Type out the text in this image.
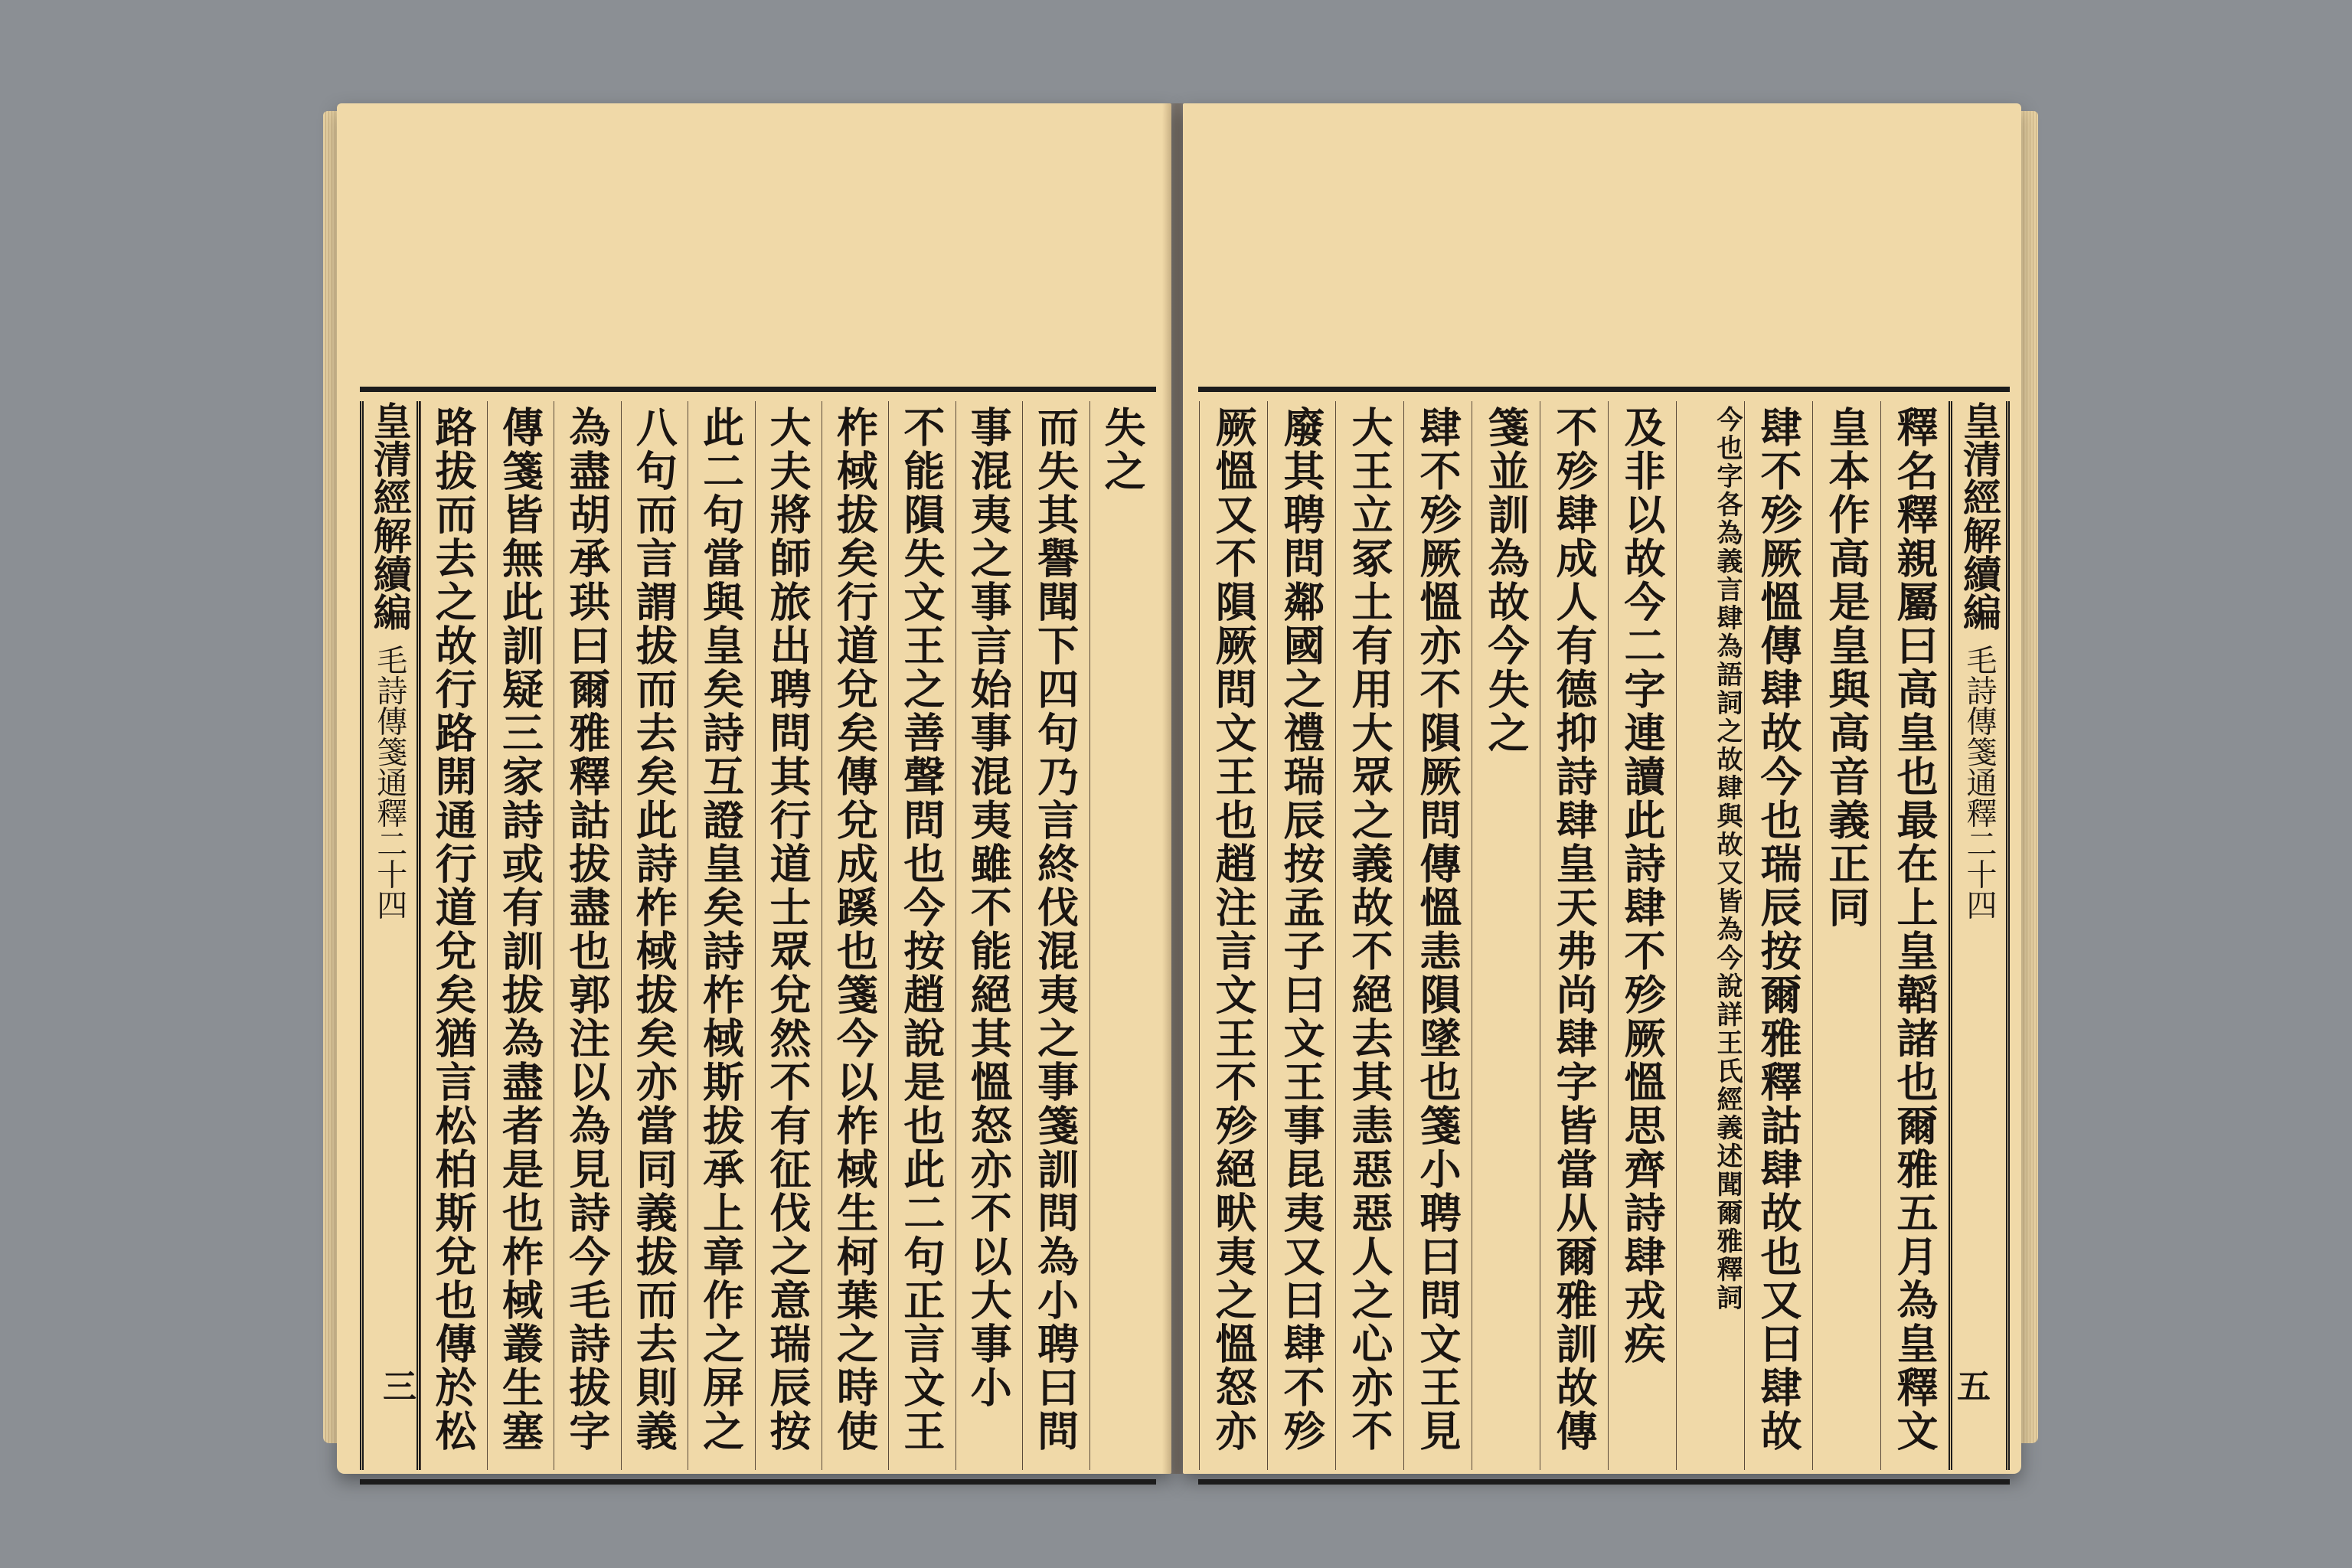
失之
而失其譽聞下四句乃言終伐混夷之事箋訓問為小聘曰問
事混夷之事言始事混夷雖不能絕其慍怒亦不以大事小
不能隕失文王之善聲問也今按趙說是也此二句正言文王
柞棫拔矣行道兌矣傳兌成蹊也箋今以柞棫生柯葉之時使
大夫將師旅出聘問其行道士眾兌然不有征伐之意瑞辰按
此二句當與皇矣詩互證皇矣詩柞棫斯拔承上章作之屏之
八句而言謂拔而去矣此詩柞棫拔矣亦當同義拔而去則義
為盡胡承珙曰爾雅釋詁拔盡也郭注以為見詩今毛詩拔字
傳箋皆無此訓疑三家詩或有訓拔為盡者是也柞棫叢生塞
路拔而去之故行路開通行道兌矣猶言松柏斯兌也傳於松
皇清經解續編 毛詩傳箋通釋二十四
三
皇清經解續編 毛詩傳箋通釋二十四
釋名釋親屬曰高皇也最在上皇韜諸也爾雅五月為皇釋文
皇本作高是皇與高音義正同
肆不殄厥慍傳肆故今也瑞辰按爾雅釋詁肆故也又曰肆故
今也字各為義言肆為語詞之故肆與故又皆為今說詳王氏經義述聞爾雅釋詞
及非以故今二字連讀此詩肆不殄厥慍思齊詩肆戎疾
不殄肆成人有德抑詩肆皇天弗尚肆字皆當从爾雅訓故傳
箋並訓為故今失之
肆不殄厥慍亦不隕厥問傳慍恚隕墜也箋小聘曰問文王見
大王立冢土有用大眾之義故不絕去其恚惡惡人之心亦不
廢其聘問鄰國之禮瑞辰按孟子曰文王事昆夷又曰肆不殄
厥慍又不隕厥問文王也趙注言文王不殄絕畎夷之慍怒亦	五
